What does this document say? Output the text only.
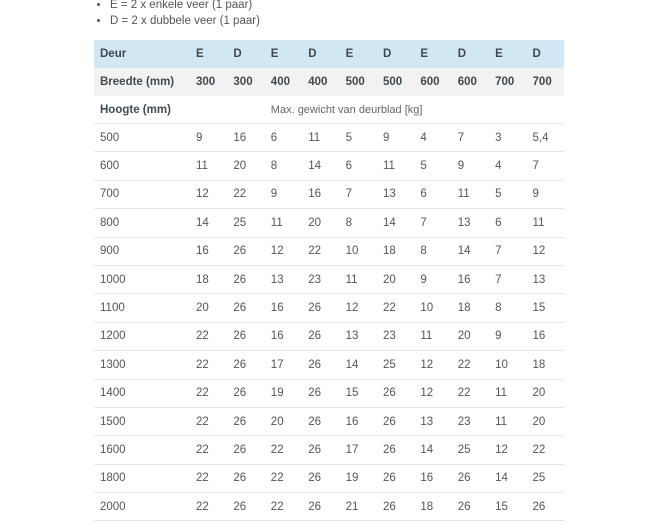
• E = 2 x enkele veer (1 paar)
• D = 2 x dubbele veer (1 paar)
Deur	E	D	E	D	E	D	E	D	E	D
Breedte (mm)	300	300	400	400	500	500	600	600	700	700
Hoogte (mm)			Max. gewicht van deurblad [kg]							
500	9	16	6	11	5	9	4	7	3	5,4
600	11	20	8	14	6	11	5	9	4	7
700	12	22	9	16	7	13	6	11	5	9
800	14	25	11	20	8	14	7	13	6	11
900	16	26	12	22	10	18	8	14	7	12
1000	18	26	13	23	11	20	9	16	7	13
1100	20	26	16	26	12	22	10	18	8	15
1200	22	26	16	26	13	23	11	20	9	16
1300	22	26	17	26	14	25	12	22	10	18
1400	22	26	19	26	15	26	12	22	11	20
1500	22	26	20	26	16	26	13	23	11	20
1600	22	26	22	26	17	26	14	25	12	22
1800	22	26	22	26	19	26	16	26	14	25
2000	22	26	22	26	21	26	18	26	15	26
